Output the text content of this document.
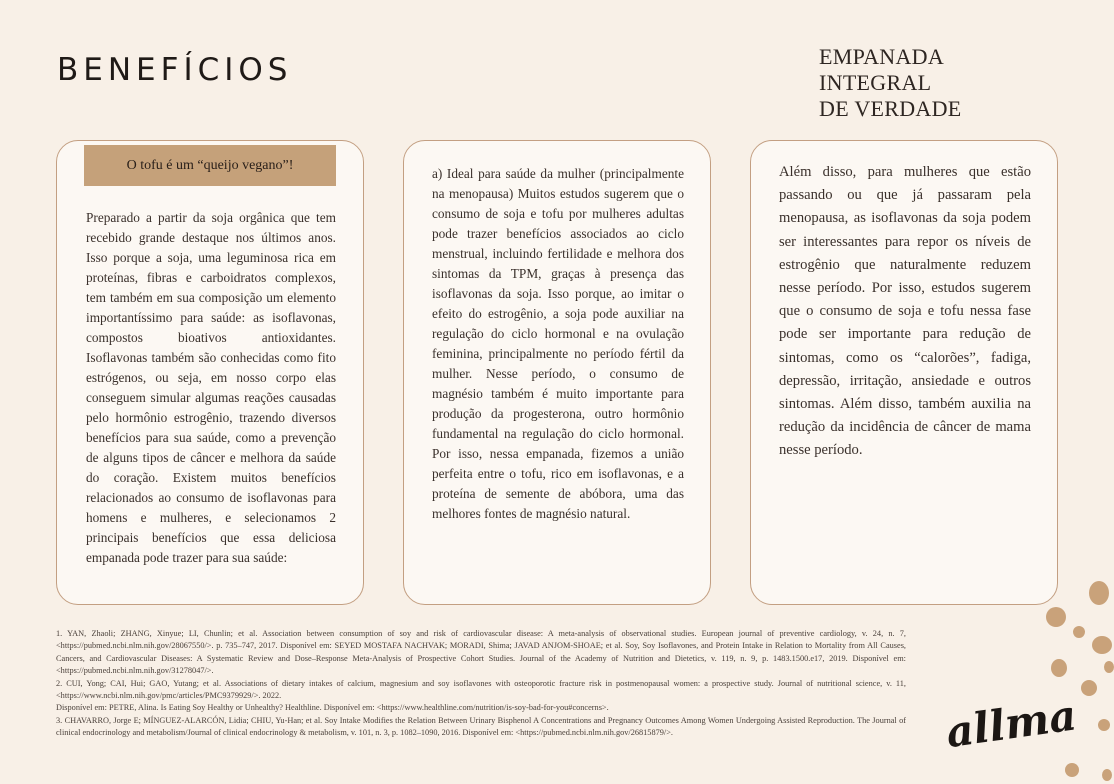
BENEFÍCIOS	EMPANADA INTEGRAL
DE VERDADE
O tofu é um “queijo vegano”!

Preparado a partir da soja orgânica que tem recebido grande destaque nos últimos anos. Isso porque a soja, uma leguminosa rica em proteínas, fibras e carboidratos complexos, tem também em sua composição um elemento importantíssimo para saúde: as isoflavonas, compostos bioativos antioxidantes. Isoflavonas também são conhecidas como fito estrógenos, ou seja, em nosso corpo elas conseguem simular algumas reações causadas pelo hormônio estrogênio, trazendo diversos benefícios para sua saúde, como a prevenção de alguns tipos de câncer e melhora da saúde do coração. Existem muitos benefícios relacionados ao consumo de isoflavonas para homens e mulheres, e selecionamos 2 principais benefícios que essa deliciosa empanada pode trazer para sua saúde:

a) Ideal para saúde da mulher (principalmente na menopausa) Muitos estudos sugerem que o consumo de soja e tofu por mulheres adultas pode trazer benefícios associados ao ciclo menstrual, incluindo fertilidade e melhora dos sintomas da TPM, graças à presença das isoflavonas da soja. Isso porque, ao imitar o efeito do estrogênio, a soja pode auxiliar na regulação do ciclo hormonal e na ovulação feminina, principalmente no período fértil da mulher. Nesse período, o consumo de magnésio também é muito importante para produção da progesterona, outro hormônio fundamental na regulação do ciclo hormonal. Por isso, nessa empanada, fizemos a união perfeita entre o tofu, rico em isoflavonas, e a proteína de semente de abóbora, uma das melhores fontes de magnésio natural.

Além disso, para mulheres que estão passando ou que já passaram pela menopausa, as isoflavonas da soja podem ser interessantes para repor os níveis de estrogênio que naturalmente reduzem nesse período. Por isso, estudos sugerem que o consumo de soja e tofu nessa fase pode ser importante para redução de sintomas, como os “calorões”, fadiga, depressão, irritação, ansiedade e outros sintomas. Além disso, também auxilia na redução da incidência de câncer de mama nesse período.

1. YAN, Zhaoli; ZHANG, Xinyue; LI, Chunlin; et al. Association between consumption of soy and risk of cardiovascular disease: A meta-analysis of observational studies. European journal of preventive cardiology, v. 24, n. 7, <https://pubmed.ncbi.nlm.nih.gov/28067550/>. p. 735–747, 2017. Disponível em: SEYED MOSTAFA NACHVAK; MORADI, Shima; JAVAD ANJOM-SHOAE; et al. Soy, Soy Isoflavones, and Protein Intake in Relation to Mortality from All Causes, Cancers, and Cardiovascular Diseases: A Systematic Review and Dose–Response Meta-Analysis of Prospective Cohort Studies. Journal of the Academy of Nutrition and Dietetics, v. 119, n. 9, p. 1483.1500.e17, 2019. Disponível em: <https://pubmed.ncbi.nlm.nih.gov/31278047/>.
2. CUI, Yong; CAI, Hui; GAO, Yutang; et al. Associations of dietary intakes of calcium, magnesium and soy isoflavones with osteoporotic fracture risk in postmenopausal women: a prospective study. Journal of nutritional science, v. 11, <https://www.ncbi.nlm.nih.gov/pmc/articles/PMC9379929/>. 2022.
Disponível em: PETRE, Alina. Is Eating Soy Healthy or Unhealthy? Healthline. Disponível em: <https://www.healthline.com/nutrition/is-soy-bad-for-you#concerns>.
3. CHAVARRO, Jorge E; MÍNGUEZ-ALARCÓN, Lidia; CHIU, Yu-Han; et al. Soy Intake Modifies the Relation Between Urinary Bisphenol A Concentrations and Pregnancy Outcomes Among Women Undergoing Assisted Reproduction. The Journal of clinical endocrinology and metabolism/Journal of clinical endocrinology & metabolism, v. 101, n. 3, p. 1082–1090, 2016. Disponível em: <https://pubmed.ncbi.nlm.nih.gov/26815879/>.	allma
